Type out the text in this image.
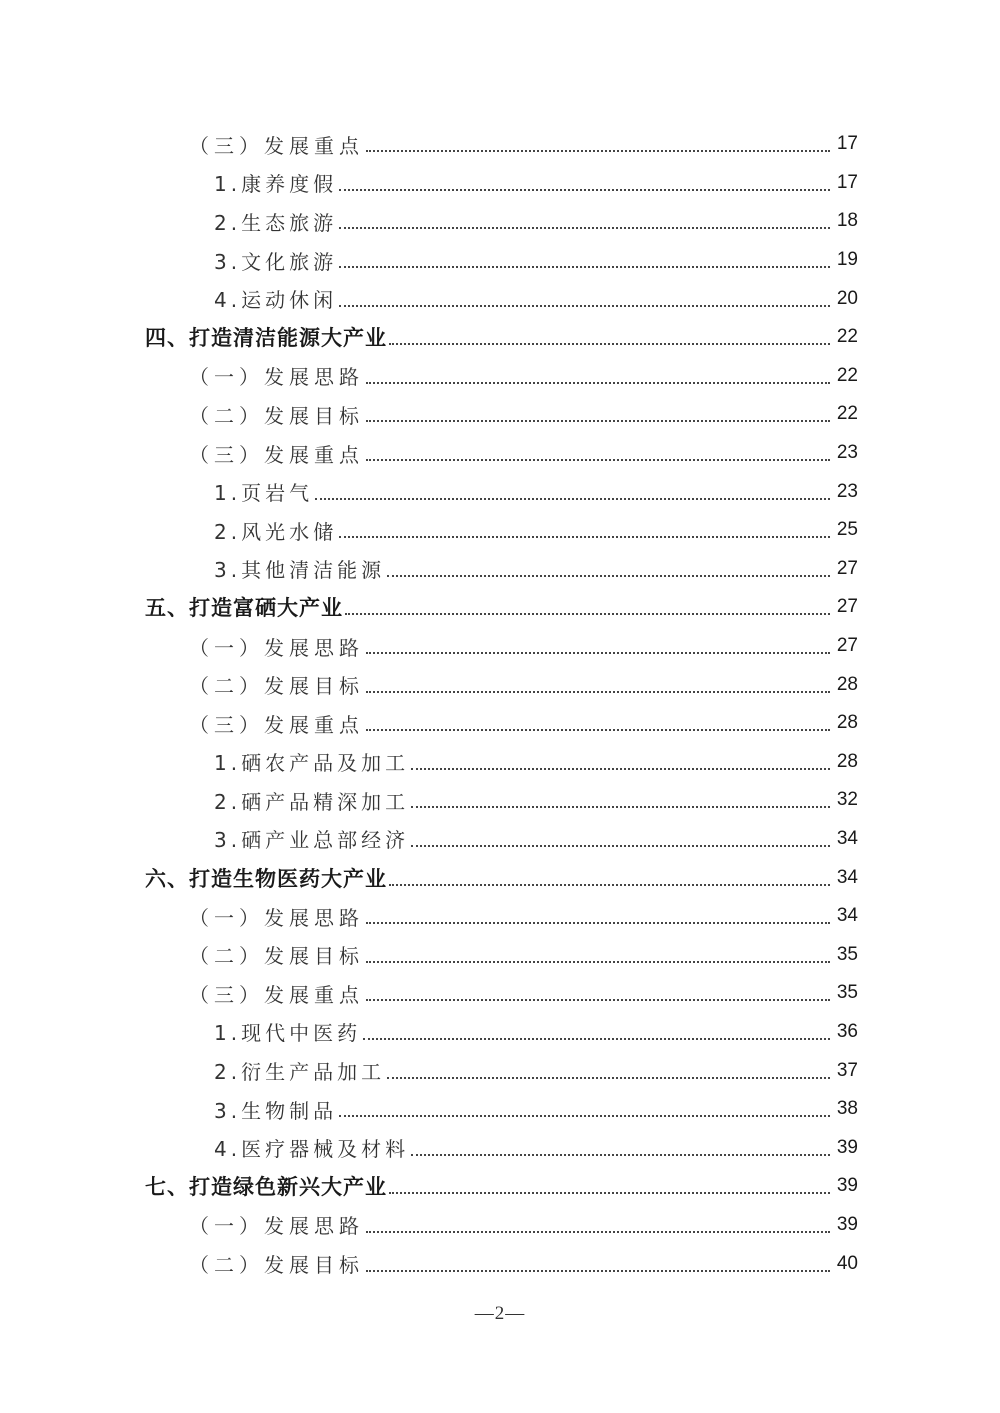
（三）发展重点	17
1.康养度假	17
2.生态旅游	18
3.文化旅游	19
4.运动休闲	20
四、打造清洁能源大产业	22
（一）发展思路	22
（二）发展目标	22
（三）发展重点	23
1.页岩气	23
2.风光水储	25
3.其他清洁能源	27
五、打造富硒大产业	27
（一）发展思路	27
（二）发展目标	28
（三）发展重点	28
1.硒农产品及加工	28
2.硒产品精深加工	32
3.硒产业总部经济	34
六、打造生物医药大产业	34
（一）发展思路	34
（二）发展目标	35
（三）发展重点	35
1.现代中医药	36
2.衍生产品加工	37
3.生物制品	38
4.医疗器械及材料	39
七、打造绿色新兴大产业	39
（一）发展思路	39
（二）发展目标	40
—2—
